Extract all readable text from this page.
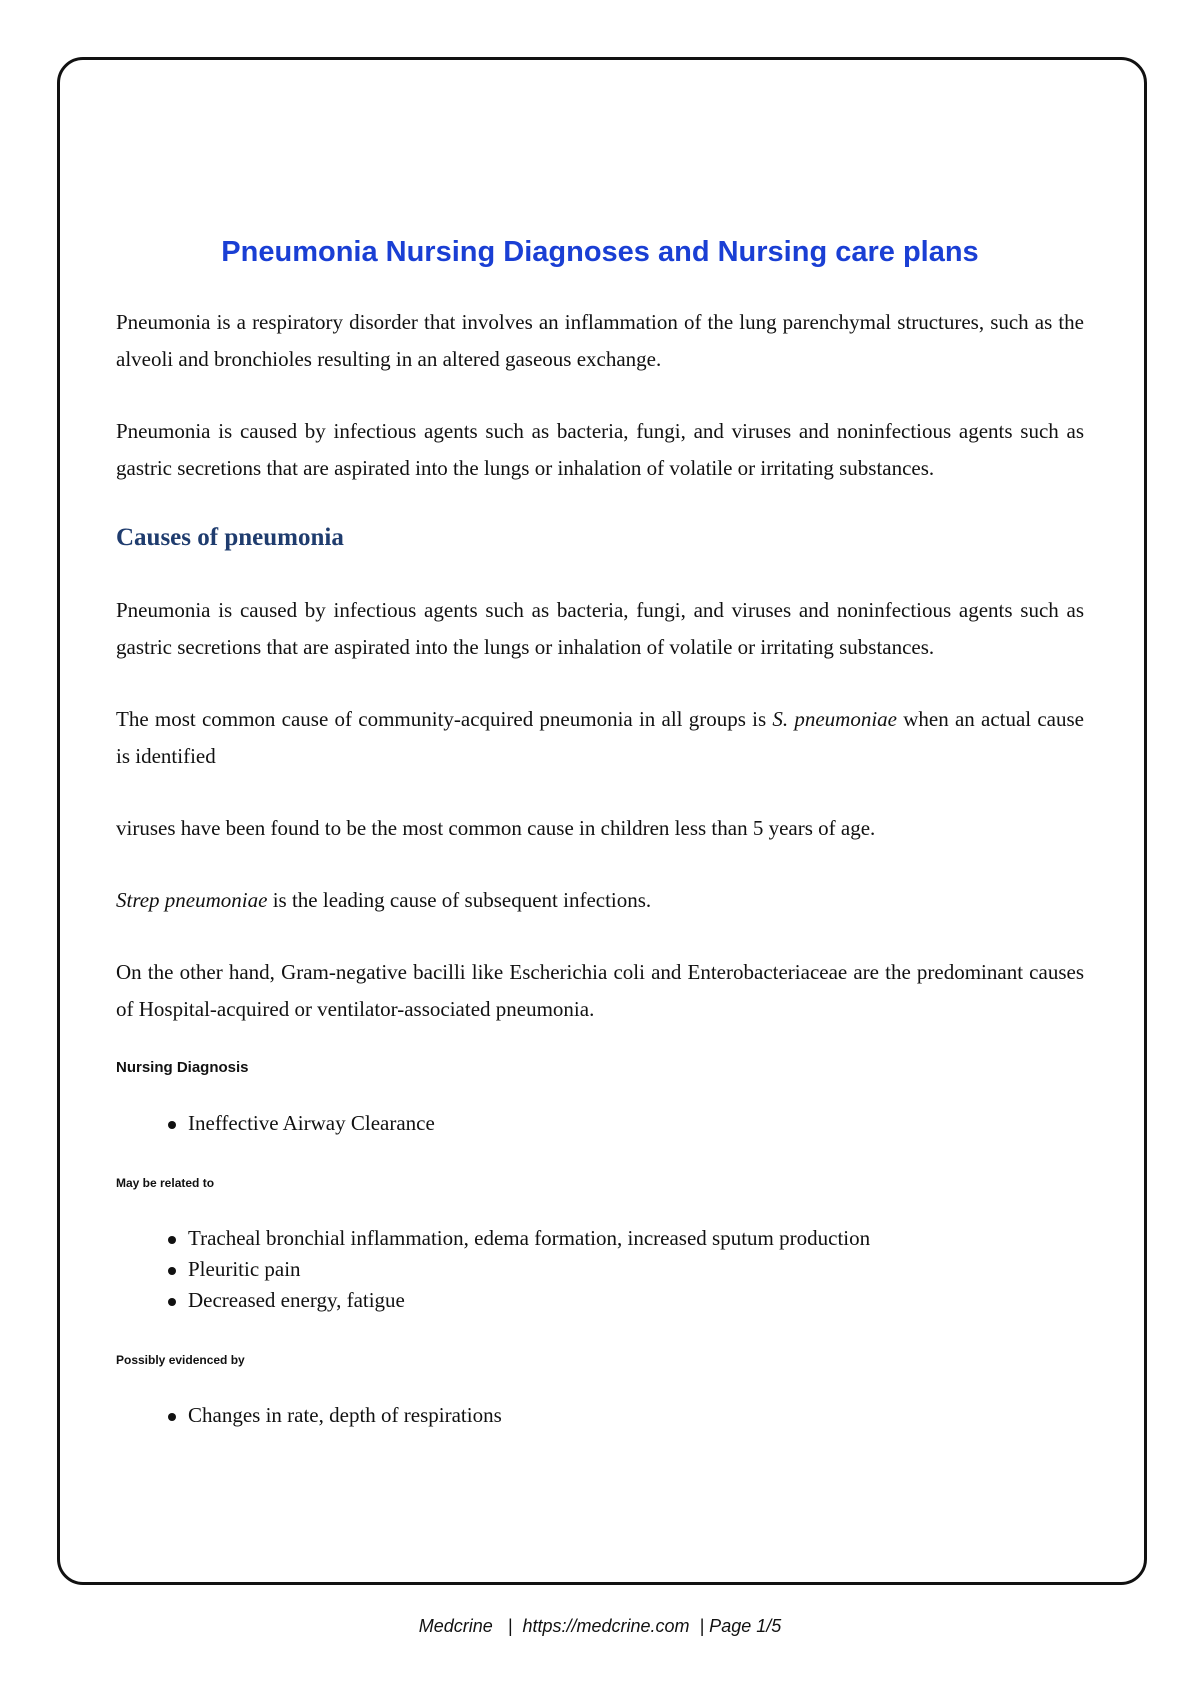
Pneumonia Nursing Diagnoses and Nursing care plans

Pneumonia is a respiratory disorder that involves an inflammation of the lung parenchymal structures, such as the alveoli and bronchioles resulting in an altered gaseous exchange.

Pneumonia is caused by infectious agents such as bacteria, fungi, and viruses and noninfectious agents such as gastric secretions that are aspirated into the lungs or inhalation of volatile or irritating substances.

Causes of pneumonia

Pneumonia is caused by infectious agents such as bacteria, fungi, and viruses and noninfectious agents such as gastric secretions that are aspirated into the lungs or inhalation of volatile or irritating substances.

The most common cause of community-acquired pneumonia in all groups is S. pneumoniae when an actual cause is identified

viruses have been found to be the most common cause in children less than 5 years of age.

Strep pneumoniae is the leading cause of subsequent infections.

On the other hand, Gram-negative bacilli like Escherichia coli and Enterobacteriaceae are the predominant causes of Hospital-acquired or ventilator-associated pneumonia.

Nursing Diagnosis
Ineffective Airway Clearance
May be related to
Tracheal bronchial inflammation, edema formation, increased sputum production
Pleuritic pain
Decreased energy, fatigue
Possibly evidenced by
Changes in rate, depth of respirations
Medcrine   |  https://medcrine.com  | Page 1/5
